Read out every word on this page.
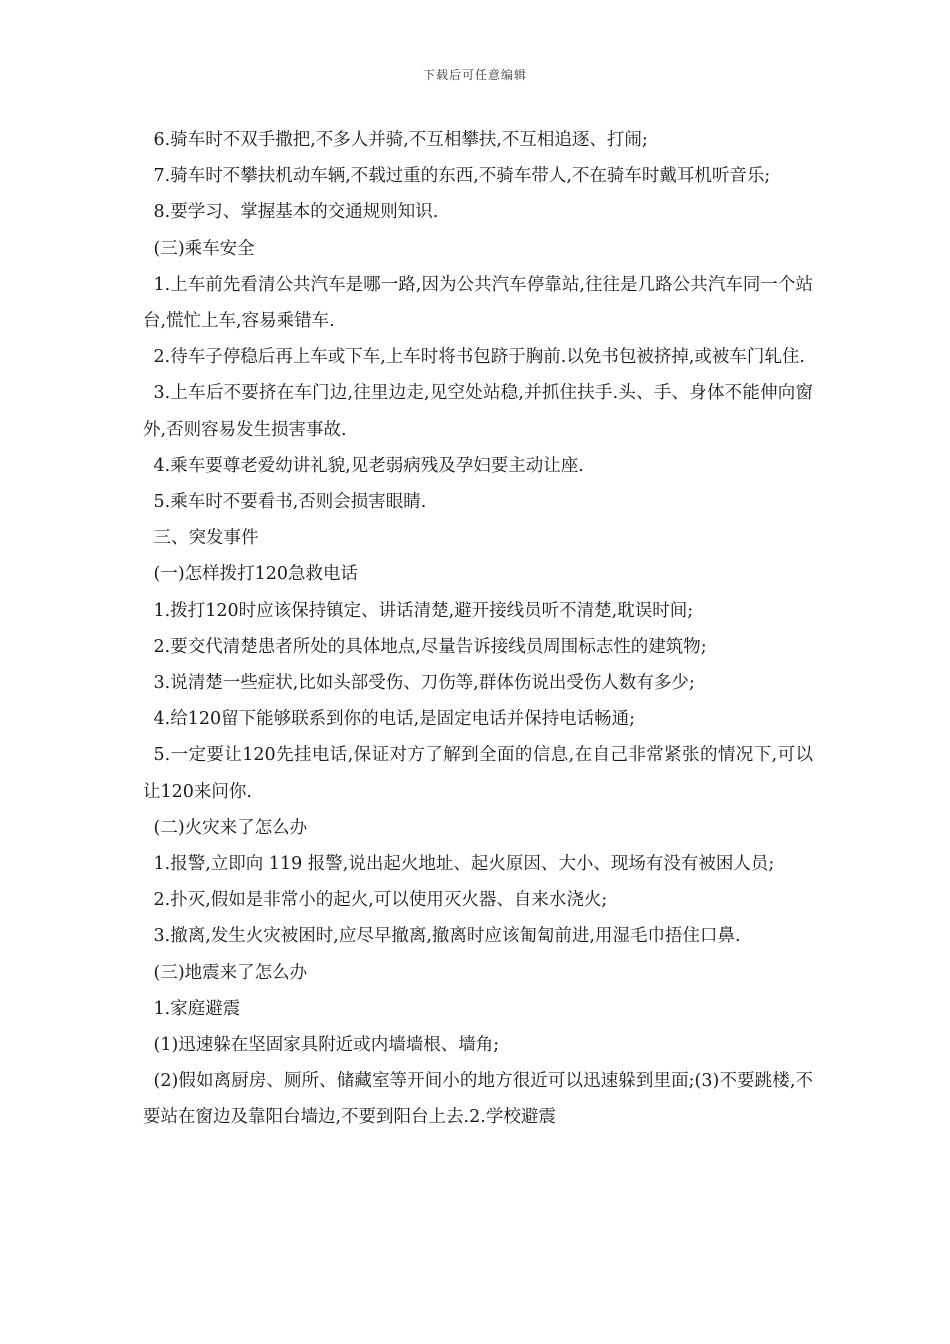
下载后可任意编辑

6.骑车时不双手撒把,不多人并骑,不互相攀扶,不互相追逐、打闹;

7.骑车时不攀扶机动车辆,不载过重的东西,不骑车带人,不在骑车时戴耳机听音乐;

8.要学习、掌握基本的交通规则知识.

(三)乘车安全

1.上车前先看清公共汽车是哪一路,因为公共汽车停靠站,往往是几路公共汽车同一个站台,慌忙上车,容易乘错车.

2.待车子停稳后再上车或下车,上车时将书包跻于胸前.以免书包被挤掉,或被车门轧住.

3.上车后不要挤在车门边,往里边走,见空处站稳,并抓住扶手.头、手、身体不能伸向窗外,否则容易发生损害事故.

4.乘车要尊老爱幼讲礼貌,见老弱病残及孕妇要主动让座.

5.乘车时不要看书,否则会损害眼睛.

三、突发事件

(一)怎样拨打120急救电话

1.拨打120时应该保持镇定、讲话清楚,避开接线员听不清楚,耽误时间;

2.要交代清楚患者所处的具体地点,尽量告诉接线员周围标志性的建筑物;

3.说清楚一些症状,比如头部受伤、刀伤等,群体伤说出受伤人数有多少;

4.给120留下能够联系到你的电话,是固定电话并保持电话畅通;

5.一定要让120先挂电话,保证对方了解到全面的信息,在自己非常紧张的情况下,可以让120来问你.

(二)火灾来了怎么办

1.报警,立即向 119 报警,说出起火地址、起火原因、大小、现场有没有被困人员;

2.扑灭,假如是非常小的起火,可以使用灭火器、自来水浇火;

3.撤离,发生火灾被困时,应尽早撤离,撤离时应该匍匐前进,用湿毛巾捂住口鼻.

(三)地震来了怎么办

1.家庭避震

(1)迅速躲在坚固家具附近或内墙墙根、墙角;

(2)假如离厨房、厕所、储藏室等开间小的地方很近可以迅速躲到里面;(3)不要跳楼,不要站在窗边及靠阳台墙边,不要到阳台上去.2.学校避震
